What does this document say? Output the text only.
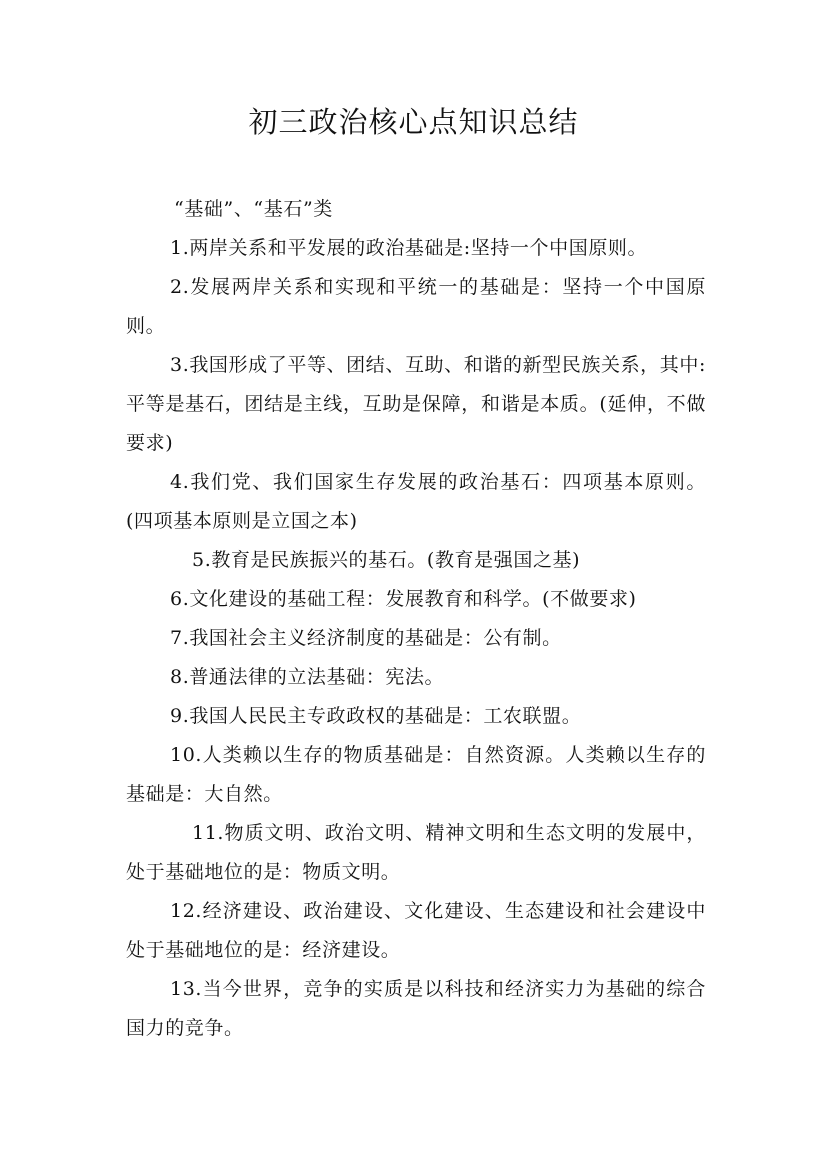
初三政治核心点知识总结

“基础”、“基石”类

1.两岸关系和平发展的政治基础是:坚持一个中国原则。

2.发展两岸关系和实现和平统一的基础是：坚持一个中国原则。

3.我国形成了平等、团结、互助、和谐的新型民族关系，其中:平等是基石，团结是主线，互助是保障，和谐是本质。(延伸，不做要求)

4.我们党、我们国家生存发展的政治基石：四项基本原则。(四项基本原则是立国之本)

5.教育是民族振兴的基石。(教育是强国之基)

6.文化建设的基础工程：发展教育和科学。(不做要求)

7.我国社会主义经济制度的基础是：公有制。

8.普通法律的立法基础：宪法。

9.我国人民民主专政政权的基础是：工农联盟。

10.人类赖以生存的物质基础是：自然资源。人类赖以生存的基础是：大自然。

11.物质文明、政治文明、精神文明和生态文明的发展中，处于基础地位的是：物质文明。

12.经济建设、政治建设、文化建设、生态建设和社会建设中处于基础地位的是：经济建设。

13.当今世界，竞争的实质是以科技和经济实力为基础的综合国力的竞争。
